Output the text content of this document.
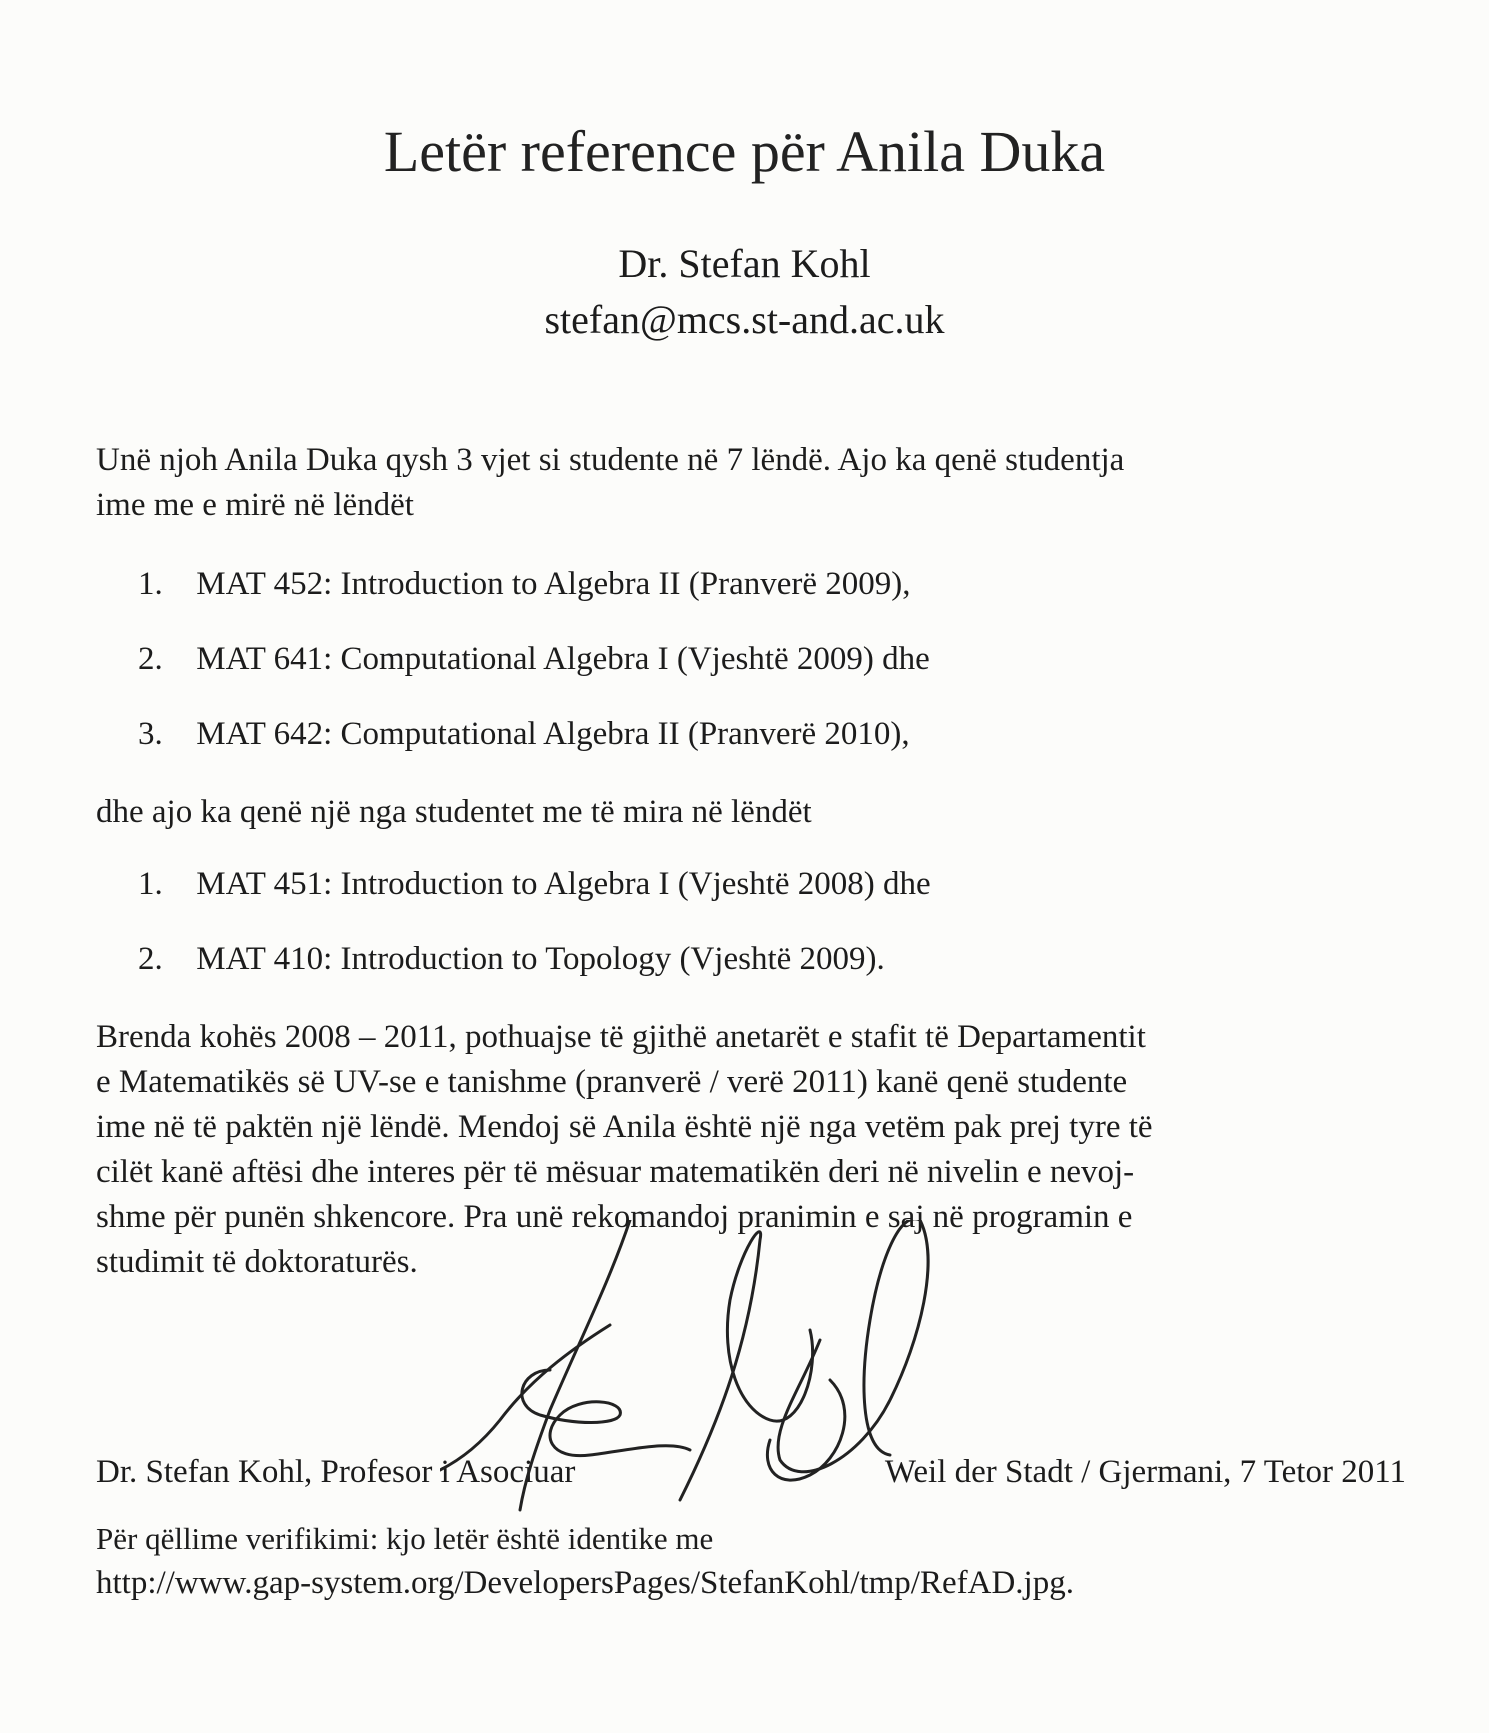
Letër reference për Anila Duka
Dr. Stefan Kohl
stefan@mcs.st-and.ac.uk
Unë njoh Anila Duka qysh 3 vjet si studente në 7 lëndë. Ajo ka qenë studentja
ime me e mirë në lëndët
1. MAT 452: Introduction to Algebra II (Pranverë 2009),
2. MAT 641: Computational Algebra I (Vjeshtë 2009) dhe
3. MAT 642: Computational Algebra II (Pranverë 2010),
dhe ajo ka qenë një nga studentet me të mira në lëndët
1. MAT 451: Introduction to Algebra I (Vjeshtë 2008) dhe
2. MAT 410: Introduction to Topology (Vjeshtë 2009).
Brenda kohës 2008 – 2011, pothuajse të gjithë anetarët e stafit të Departamentit
e Matematikës së UV-se e tanishme (pranverë / verë 2011) kanë qenë studente
ime në të paktën një lëndë. Mendoj së Anila është një nga vetëm pak prej tyre të
cilët kanë aftësi dhe interes për të mësuar matematikën deri në nivelin e nevoj-
shme për punën shkencore. Pra unë rekomandoj pranimin e saj në programin e
studimit të doktoraturës.
Dr. Stefan Kohl, Profesor i Asociuar	Weil der Stadt / Gjermani, 7 Tetor 2011
Për qëllime verifikimi: kjo letër është identike me
http://www.gap-system.org/DevelopersPages/StefanKohl/tmp/RefAD.jpg.
